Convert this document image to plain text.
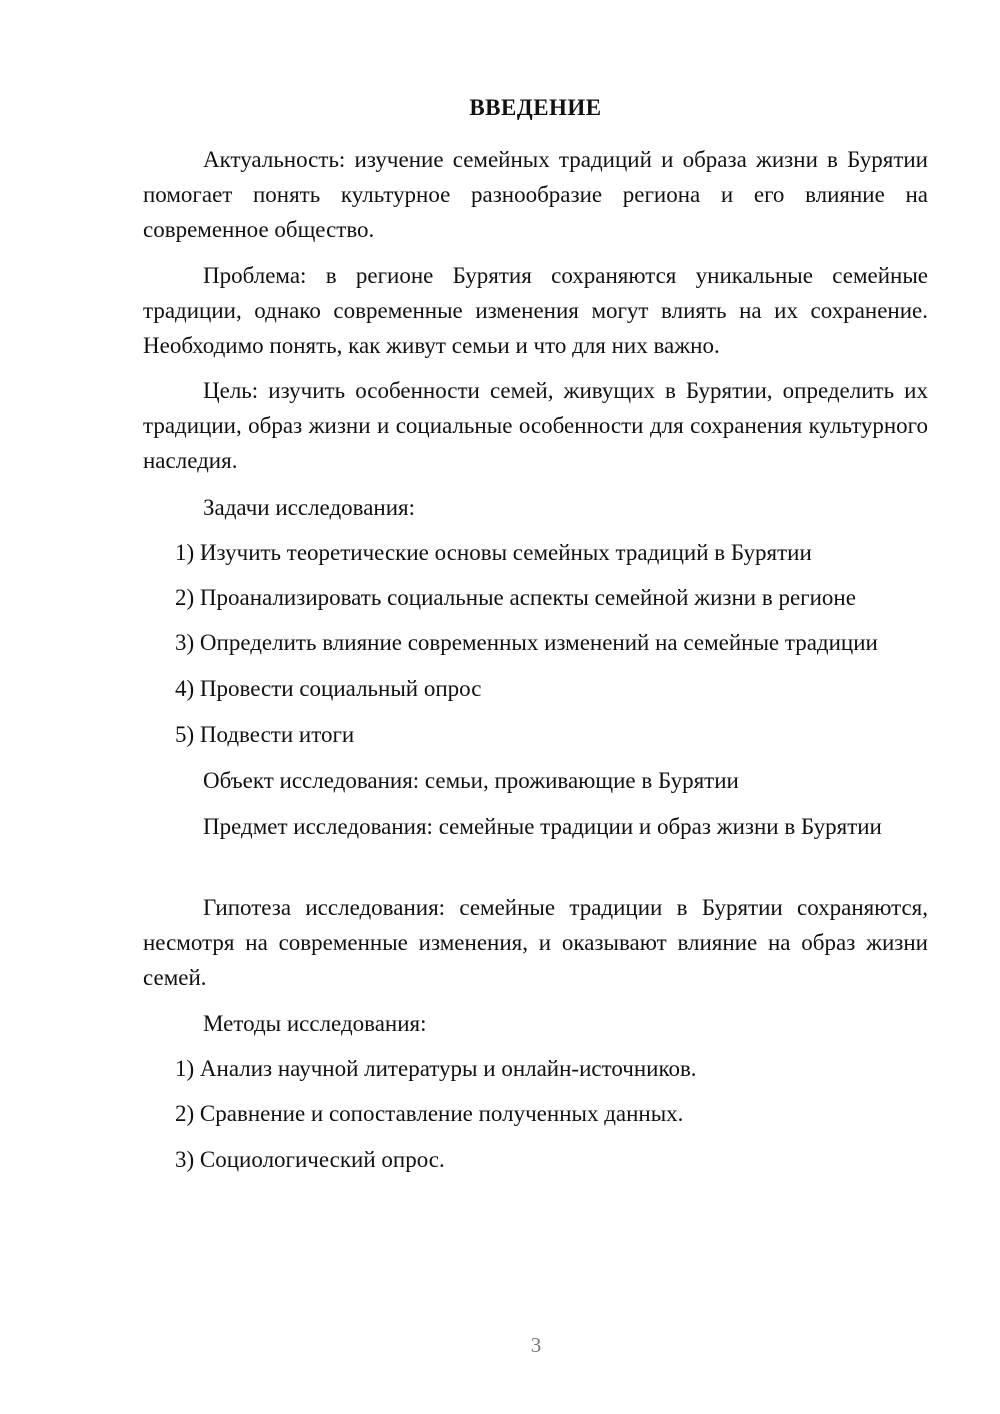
ВВЕДЕНИЕ

Актуальность: изучение семейных традиций и образа жизни в Бурятии помогает понять культурное разнообразие региона и его влияние на современное общество.

Проблема: в регионе Бурятия сохраняются уникальные семейные традиции, однако современные изменения могут влиять на их сохранение. Необходимо понять, как живут семьи и что для них важно.

Цель: изучить особенности семей, живущих в Бурятии, определить их традиции, образ жизни и социальные особенности для сохранения культурного наследия.

Задачи исследования:

1) Изучить теоретические основы семейных традиций в Бурятии
2) Проанализировать социальные аспекты семейной жизни в регионе
3) Определить влияние современных изменений на семейные традиции
4) Провести социальный опрос
5) Подвести итоги

Объект исследования: семьи, проживающие в Бурятии

Предмет исследования: семейные традиции и образ жизни в Бурятии

Гипотеза исследования: семейные традиции в Бурятии сохраняются, несмотря на современные изменения, и оказывают влияние на образ жизни семей.

Методы исследования:

1) Анализ научной литературы и онлайн-источников.
2) Сравнение и сопоставление полученных данных.
3) Социологический опрос.
3
